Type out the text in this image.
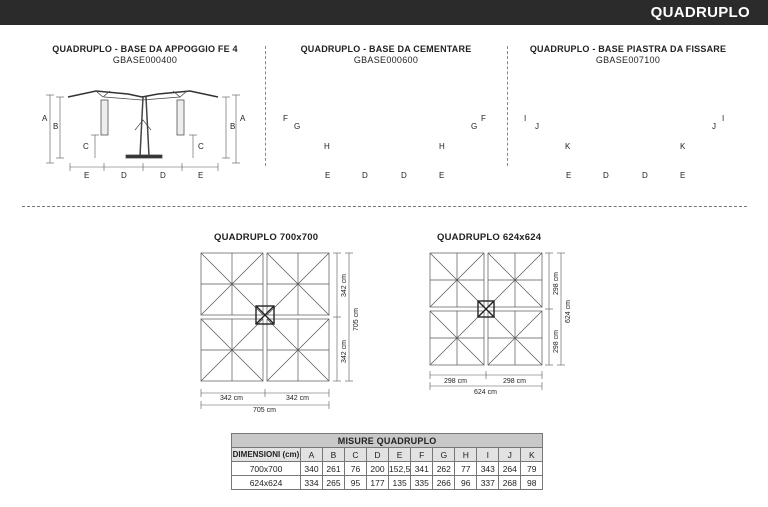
QUADRUPLO
QUADRUPLO - BASE DA APPOGGIO FE 4
GBASE000400
QUADRUPLO - BASE DA CEMENTARE
GBASE000600
QUADRUPLO - BASE PIASTRA DA FISSARE
GBASE007100
A
B
C
A
B
C
E	D	D	E
F
G
H
F
G
H
E	D	D	E
I
J
K
I
J
K
E	D	D	E
QUADRUPLO 700x700	QUADRUPLO 624x624
342 cm	342 cm
705 cm
342 cm
342 cm
705 cm
298 cm	298 cm
624 cm
298 cm
298 cm
624 cm
MISURE QUADRUPLO											
DIMENSIONI (cm)	A	B	C	D	E	F	G	H	I	J	K
700x700	340	261	76	200	152,5	341	262	77	343	264	79
624x624	334	265	95	177	135	335	266	96	337	268	98
